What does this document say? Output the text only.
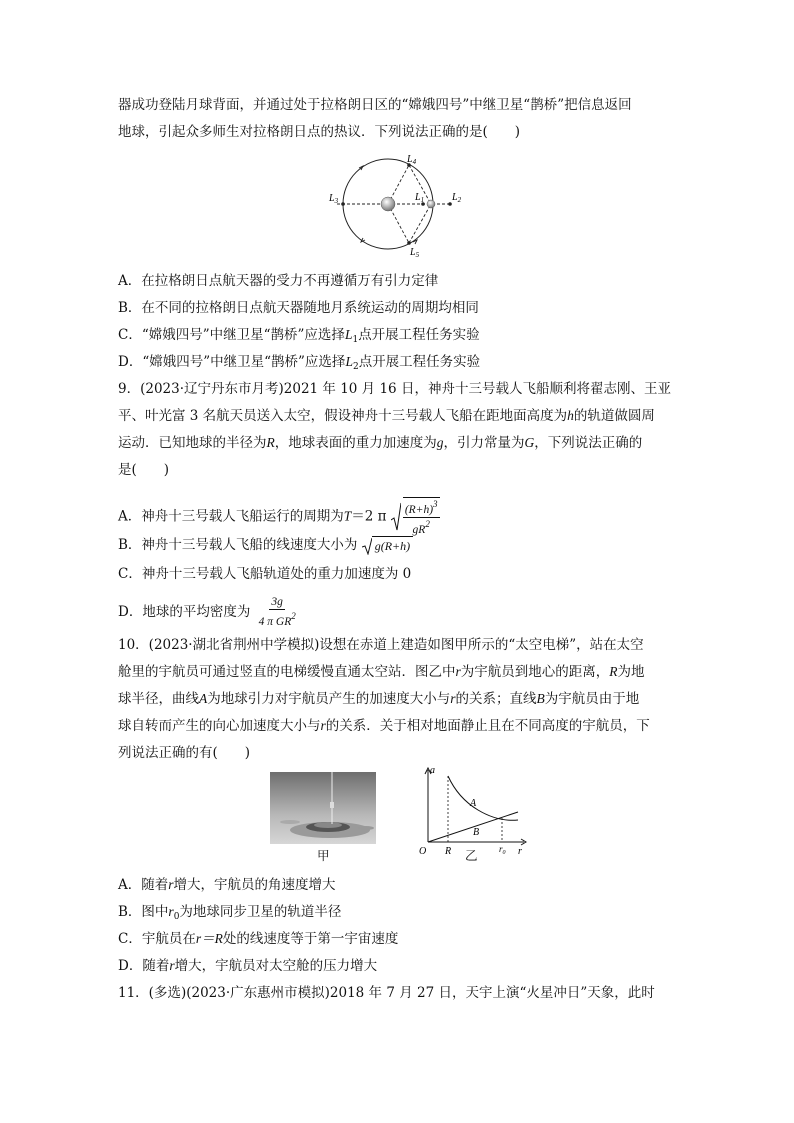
器成功登陆月球背面，并通过处于拉格朗日区的“嫦娥四号”中继卫星“鹊桥”把信息返回
地球，引起众多师生对拉格朗日点的热议．下列说法正确的是(　　)
$L_4$
$L_2$
$L_3$	$L_1$
$L_5$
A．在拉格朗日点航天器的受力不再遵循万有引力定律
B．在不同的拉格朗日点航天器随地月系统运动的周期均相同
C．“嫦娥四号”中继卫星“鹊桥”应选择$L_1$点开展工程任务实验
D．“嫦娥四号”中继卫星“鹊桥”应选择$L_2$点开展工程任务实验
9．(2023·辽宁丹东市月考)2021 年 10 月 16 日，神舟十三号载人飞船顺利将翟志刚、王亚
平、叶光富 3 名航天员送入太空，假设神舟十三号载人飞船在距地面高度为h的轨道做圆周
运动．已知地球的半径为R，地球表面的重力加速度为g，引力常量为G，下列说法正确的
是(　　)
A．神舟十三号载人飞船运行的周期为T＝2 π $\frac{(R+h)^3}{gR^2}$
B．神舟十三号载人飞船的线速度大小为 g(R+h)
C．神舟十三号载人飞船轨道处的重力加速度为 0
D．地球的平均密度为 $\frac{3g}{4 \pi GR^2}$
10．(2023·湖北省荆州中学模拟)设想在赤道上建造如图甲所示的“太空电梯”，站在太空
舱里的宇航员可通过竖直的电梯缓慢直通太空站．图乙中r为宇航员到地心的距离，R为地
球半径，曲线A为地球引力对宇航员产生的加速度大小与r的关系；直线B为宇航员由于地
球自转而产生的向心加速度大小与r的关系．关于相对地面静止且在不同高度的宇航员，下
列说法正确的有(　　)
甲
a
A
B
O R	$r_0$ r
乙
A．随着r增大，宇航员的角速度增大
B．图中$r_0$为地球同步卫星的轨道半径
C．宇航员在r＝R处的线速度等于第一宇宙速度
D．随着r增大，宇航员对太空舱的压力增大
11．(多选)(2023·广东惠州市模拟)2018 年 7 月 27 日，天宇上演“火星冲日”天象，此时
